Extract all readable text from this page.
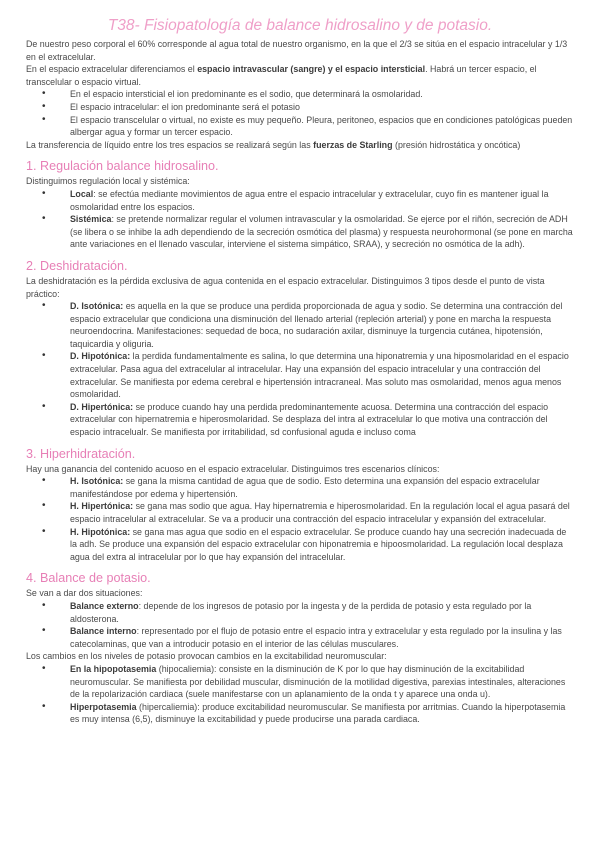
T38- Fisiopatología de balance hidrosalino y de potasio.

De nuestro peso corporal el 60% corresponde al agua total de nuestro organismo, en la que el 2/3 se sitúa en el espacio intracelular y 1/3 en el extracelular.

En el espacio extracelular diferenciamos el espacio intravascular (sangre) y el espacio intersticial. Habrá un tercer espacio, el transcelular o espacio virtual.

• En el espacio intersticial el ion predominante es el sodio, que determinará la osmolaridad.
• El espacio intracelular: el ion predominante será el potasio
• El espacio transcelular o virtual, no existe es muy pequeño. Pleura, peritoneo, espacios que en condiciones patológicas pueden albergar agua y formar un tercer espacio.

La transferencia de líquido entre los tres espacios se realizará según las fuerzas de Starling (presión hidrostática y oncótica)

1. Regulación balance hidrosalino.

Distinguimos regulación local y sistémica:

• Local: se efectúa mediante movimientos de agua entre el espacio intracelular y extracelular, cuyo fin es mantener igual la osmolaridad entre los espacios.
• Sistémica: se pretende normalizar regular el volumen intravascular y la osmolaridad. Se ejerce por el riñón, secreción de ADH (se libera o se inhibe la adh dependiendo de la secreción osmótica del plasma) y respuesta neurohormonal (se pone en marcha ante variaciones en el llenado vascular, interviene el sistema simpático, SRAA), y secreción no osmótica de la adh).
2. Deshidratación.

La deshidratación es la pérdida exclusiva de agua contenida en el espacio extracelular. Distinguimos 3 tipos desde el punto de vista práctico:

• D. Isotónica: es aquella en la que se produce una perdida proporcionada de agua y sodio. Se determina una contracción del espacio extracelular que condiciona una disminución del llenado arterial (repleción arterial) y pone en marcha la respuesta neuroendocrina. Manifestaciones: sequedad de boca, no sudaración axilar, disminuye la turgencia cutánea, hipotensión, taquicardia y oliguria.
• D. Hipotónica: la perdida fundamentalmente es salina, lo que determina una hiponatremia y una hiposmolaridad en el espacio extracelular. Pasa agua del extracelular al intracelular. Hay una expansión del espacio intracelular y una contracción del extracelular. Se manifiesta por edema cerebral e hipertensión intracraneal. Mas soluto mas osmolaridad, menos agua menos osmolaridad.
• D. Hipertónica: se produce cuando hay una perdida predominantemente acuosa. Determina una contracción del espacio extracelular con hipernatremia e hiperosmolaridad. Se desplaza del intra al extracelular lo que motiva una contracción del espacio intracelualr. Se manifiesta por irritabilidad, sd confusional aguda e incluso coma
3. Hiperhidratación.

Hay una ganancia del contenido acuoso en el espacio extracelular. Distinguimos tres escenarios clínicos:

• H. Isotónica: se gana la misma cantidad de agua que de sodio. Esto determina una expansión del espacio extracelular manifestándose por edema y hipertensión.
• H. Hipertónica: se gana mas sodio que agua. Hay hipernatremia e hiperosmolaridad. En la regulación local el agua pasará del espacio intracelular al extracelular. Se va a producir una contracción del espacio intracelular y expansión del extracelular.
• H. Hipotónica: se gana mas agua que sodio en el espacio extracelular. Se produce cuando hay una secreción inadecuada de la adh. Se produce una expansión del espacio extracelular con hiponatremia e hipoosmolaridad. La regulación local desplaza agua del extra al intracelular por lo que hay expansión del intracelular.
4. Balance de potasio.

Se van a dar dos situaciones:

• Balance externo: depende de los ingresos de potasio por la ingesta y de la perdida de potasio y esta regulado por la aldosterona.
• Balance interno: representado por el flujo de potasio entre el espacio intra y extracelular y esta regulado por la insulina y las catecolaminas, que van a introducir potasio en el interior de las células musculares.

Los cambios en los niveles de potasio provocan cambios en la excitabilidad neuromuscular:

• En la hipopotasemia (hipocaliemia): consiste en la disminución de K por lo que hay disminución de la excitabilidad neuromuscular. Se manifiesta por debilidad muscular, disminución de la motilidad digestiva, parexias intestinales, alteraciones de la repolarización cardiaca (suele manifestarse con un aplanamiento de la onda t y aparece una onda u).
• Hiperpotasemia (hipercaliemia): produce excitabilidad neuromuscular. Se manifiesta por arritmias. Cuando la hiperpotasemia es muy intensa (6,5), disminuye la excitabilidad y puede producirse una parada cardiaca.
